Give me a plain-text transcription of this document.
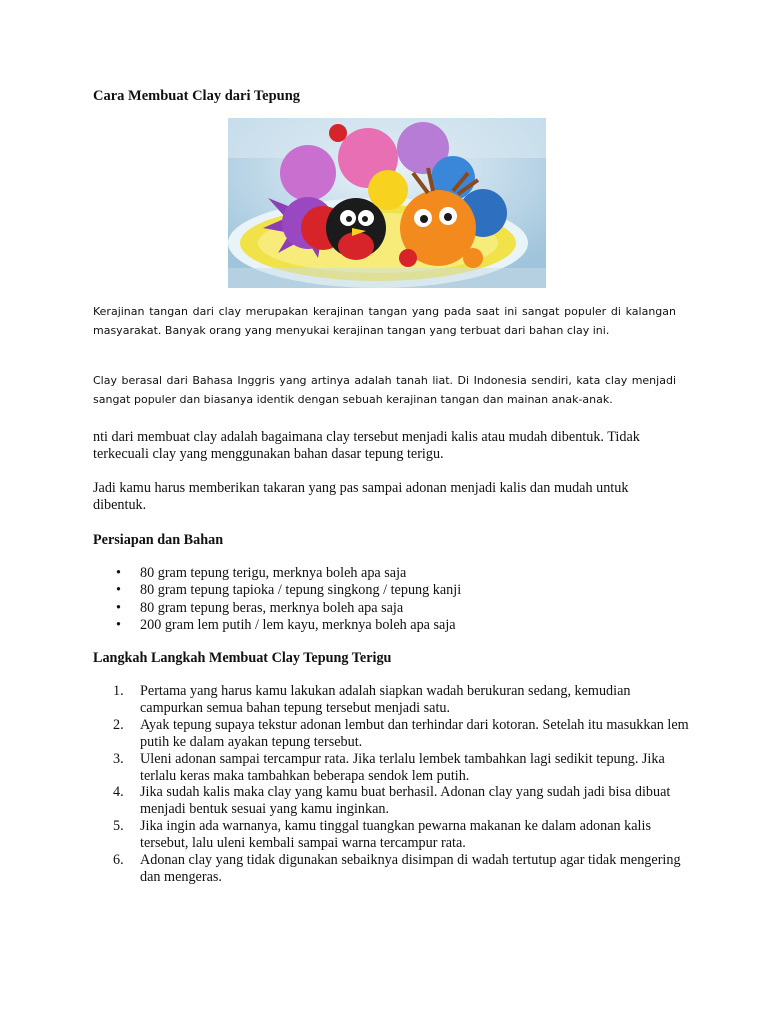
Cara Membuat Clay dari Tepung
Kerajinan tangan dari clay merupakan kerajinan tangan yang pada saat ini sangat populer di kalangan masyarakat. Banyak orang yang menyukai kerajinan tangan yang terbuat dari bahan clay ini.
Clay berasal dari Bahasa Inggris yang artinya adalah tanah liat. Di Indonesia sendiri, kata clay menjadi sangat populer dan biasanya identik dengan sebuah kerajinan tangan dan mainan anak-anak.
nti dari membuat clay adalah bagaimana clay tersebut menjadi kalis atau mudah dibentuk. Tidak terkecuali clay yang menggunakan bahan dasar tepung terigu.
Jadi kamu harus memberikan takaran yang pas sampai adonan menjadi kalis dan mudah untuk dibentuk.
Persiapan dan Bahan
• 80 gram tepung terigu, merknya boleh apa saja
• 80 gram tepung tapioka / tepung singkong / tepung kanji
• 80 gram tepung beras, merknya boleh apa saja
• 200 gram lem putih / lem kayu, merknya boleh apa saja
Langkah Langkah Membuat Clay Tepung Terigu
1. Pertama yang harus kamu lakukan adalah siapkan wadah berukuran sedang, kemudian campurkan semua bahan tepung tersebut menjadi satu.
2. Ayak tepung supaya tekstur adonan lembut dan terhindar dari kotoran. Setelah itu masukkan lem putih ke dalam ayakan tepung tersebut.
3. Uleni adonan sampai tercampur rata. Jika terlalu lembek tambahkan lagi sedikit tepung. Jika terlalu keras maka tambahkan beberapa sendok lem putih.
4. Jika sudah kalis maka clay yang kamu buat berhasil. Adonan clay yang sudah jadi bisa dibuat menjadi bentuk sesuai yang kamu inginkan.
5. Jika ingin ada warnanya, kamu tinggal tuangkan pewarna makanan ke dalam adonan kalis tersebut, lalu uleni kembali sampai warna tercampur rata.
6. Adonan clay yang tidak digunakan sebaiknya disimpan di wadah tertutup agar tidak mengering dan mengeras.
